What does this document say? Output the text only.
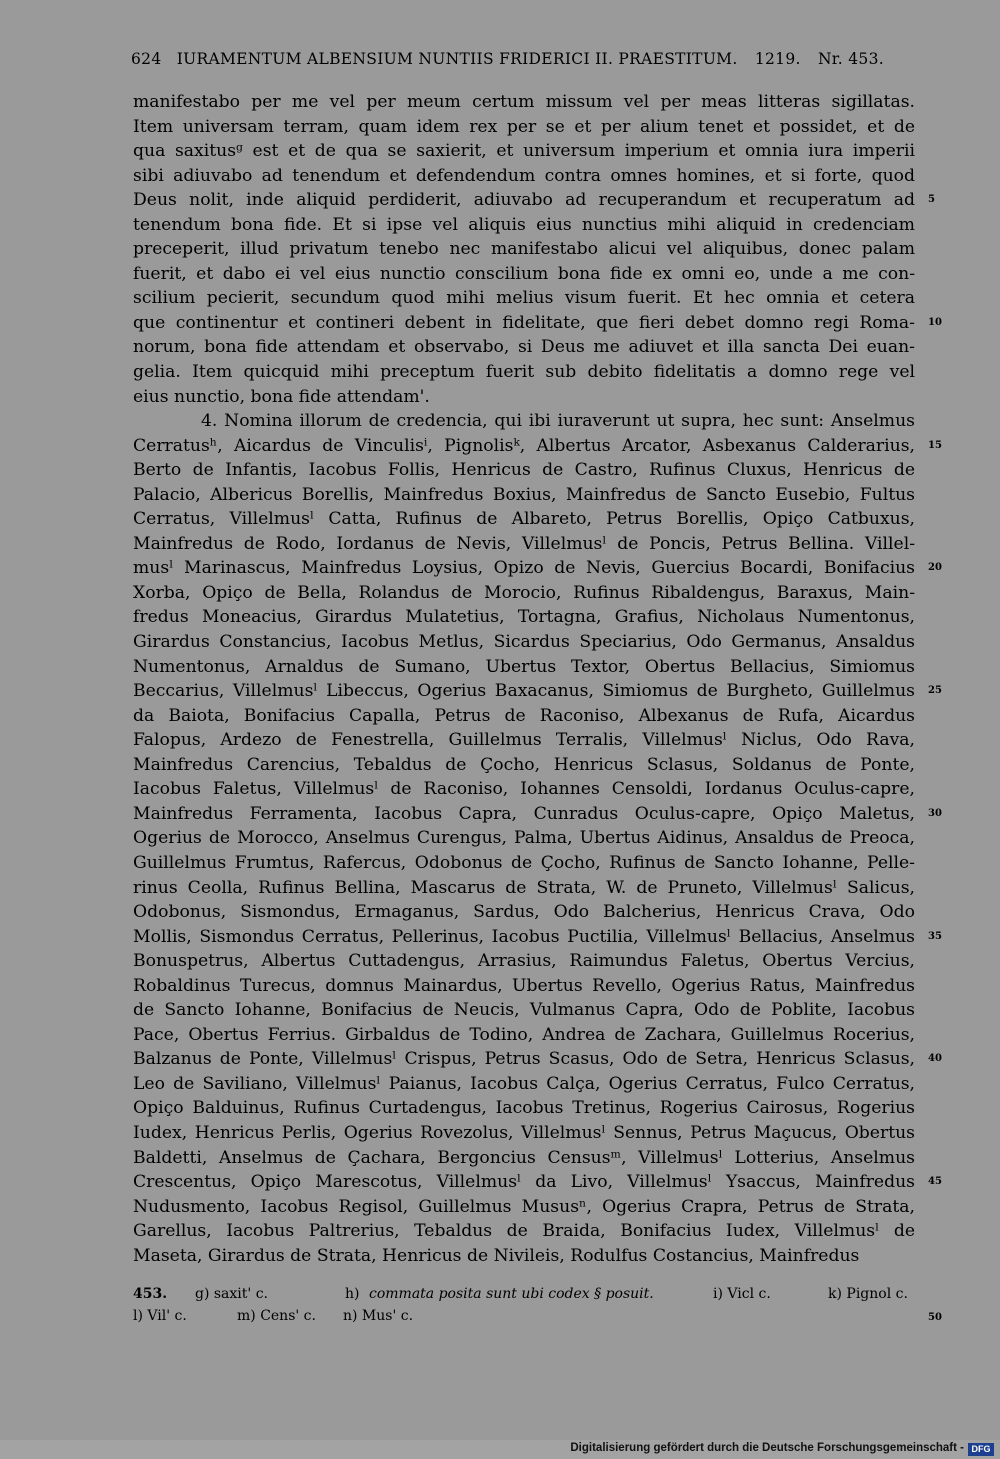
624 IURAMENTUM ALBENSIUM NUNTIIS FRIDERICI II. PRAESTITUM. 1219. Nr. 453.
manifestabo per me vel per meum certum missum vel per meas litteras sigillatas.
Item universam terram, quam idem rex per se et per alium tenet et possidet, et de
qua saxitusᵍ est et de qua se saxierit, et universum imperium et omnia iura imperii
sibi adiuvabo ad tenendum et defendendum contra omnes homines, et si forte, quod
Deus nolit, inde aliquid perdiderit, adiuvabo ad recuperandum et recuperatum ad
tenendum bona fide. Et si ipse vel aliquis eius nunctius mihi aliquid in credenciam
preceperit, illud privatum tenebo nec manifestabo alicui vel aliquibus, donec palam
fuerit, et dabo ei vel eius nunctio conscilium bona fide ex omni eo, unde a me con-
scilium pecierit, secundum quod mihi melius visum fuerit. Et hec omnia et cetera
que continentur et contineri debent in fidelitate, que fieri debet domno regi Roma-
norum, bona fide attendam et observabo, si Deus me adiuvet et illa sancta Dei euan-
gelia. Item quicquid mihi preceptum fuerit sub debito fidelitatis a domno rege vel
eius nunctio, bona fide attendam'.
4. Nomina illorum de credencia, qui ibi iuraverunt ut supra, hec sunt: Anselmus
Cerratusʰ, Aicardus de Vinculisⁱ, Pignolisᵏ, Albertus Arcator, Asbexanus Calderarius,
Berto de Infantis, Iacobus Follis, Henricus de Castro, Rufinus Cluxus, Henricus de
Palacio, Albericus Borellis, Mainfredus Boxius, Mainfredus de Sancto Eusebio, Fultus
Cerratus, Villelmusˡ Catta, Rufinus de Albareto, Petrus Borellis, Opiço Catbuxus,
Mainfredus de Rodo, Iordanus de Nevis, Villelmusˡ de Poncis, Petrus Bellina. Villel-
musˡ Marinascus, Mainfredus Loysius, Opizo de Nevis, Guercius Bocardi, Bonifacius
Xorba, Opiço de Bella, Rolandus de Morocio, Rufinus Ribaldengus, Baraxus, Main-
fredus Moneacius, Girardus Mulatetius, Tortagna, Grafius, Nicholaus Numentonus,
Girardus Constancius, Iacobus Metlus, Sicardus Speciarius, Odo Germanus, Ansaldus
Numentonus, Arnaldus de Sumano, Ubertus Textor, Obertus Bellacius, Simiomus
Beccarius, Villelmusˡ Libeccus, Ogerius Baxacanus, Simiomus de Burgheto, Guillelmus
da Baiota, Bonifacius Capalla, Petrus de Raconiso, Albexanus de Rufa, Aicardus
Falopus, Ardezo de Fenestrella, Guillelmus Terralis, Villelmusˡ Niclus, Odo Rava,
Mainfredus Carencius, Tebaldus de Çocho, Henricus Sclasus, Soldanus de Ponte,
Iacobus Faletus, Villelmusˡ de Raconiso, Iohannes Censoldi, Iordanus Oculus-capre,
Mainfredus Ferramenta, Iacobus Capra, Cunradus Oculus-capre, Opiço Maletus,
Ogerius de Morocco, Anselmus Curengus, Palma, Ubertus Aidinus, Ansaldus de Preoca,
Guillelmus Frumtus, Rafercus, Odobonus de Çocho, Rufinus de Sancto Iohanne, Pelle-
rinus Ceolla, Rufinus Bellina, Mascarus de Strata, W. de Pruneto, Villelmusˡ Salicus,
Odobonus, Sismondus, Ermaganus, Sardus, Odo Balcherius, Henricus Crava, Odo
Mollis, Sismondus Cerratus, Pellerinus, Iacobus Puctilia, Villelmusˡ Bellacius, Anselmus
Bonuspetrus, Albertus Cuttadengus, Arrasius, Raimundus Faletus, Obertus Vercius,
Robaldinus Turecus, domnus Mainardus, Ubertus Revello, Ogerius Ratus, Mainfredus
de Sancto Iohanne, Bonifacius de Neucis, Vulmanus Capra, Odo de Poblite, Iacobus
Pace, Obertus Ferrius. Girbaldus de Todino, Andrea de Zachara, Guillelmus Rocerius,
Balzanus de Ponte, Villelmusˡ Crispus, Petrus Scasus, Odo de Setra, Henricus Sclasus,
Leo de Saviliano, Villelmusˡ Paianus, Iacobus Calça, Ogerius Cerratus, Fulco Cerratus,
Opiço Balduinus, Rufinus Curtadengus, Iacobus Tretinus, Rogerius Cairosus, Rogerius
Iudex, Henricus Perlis, Ogerius Rovezolus, Villelmusˡ Sennus, Petrus Maçucus, Obertus
Baldetti, Anselmus de Çachara, Bergoncius Censusᵐ, Villelmusˡ Lotterius, Anselmus
Crescentus, Opiço Marescotus, Villelmusˡ da Livo, Villelmusˡ Ysaccus, Mainfredus
Nudusmento, Iacobus Regisol, Guillelmus Mususⁿ, Ogerius Crapra, Petrus de Strata,
Garellus, Iacobus Paltrerius, Tebaldus de Braida, Bonifacius Iudex, Villelmusˡ de
Maseta, Girardus de Strata, Henricus de Nivileis, Rodulfus Costancius, Mainfredus
5
10
15
20
25
30
35
40
45
50
453. g) saxit' c.	h) commata posita sunt ubi codex § posuit.	i) Vicl c.	k) Pignol c.
l) Vil' c.	m) Cens' c. n) Mus' c.
Digitalisierung gefördert durch die Deutsche Forschungsgemeinschaft - DFG
